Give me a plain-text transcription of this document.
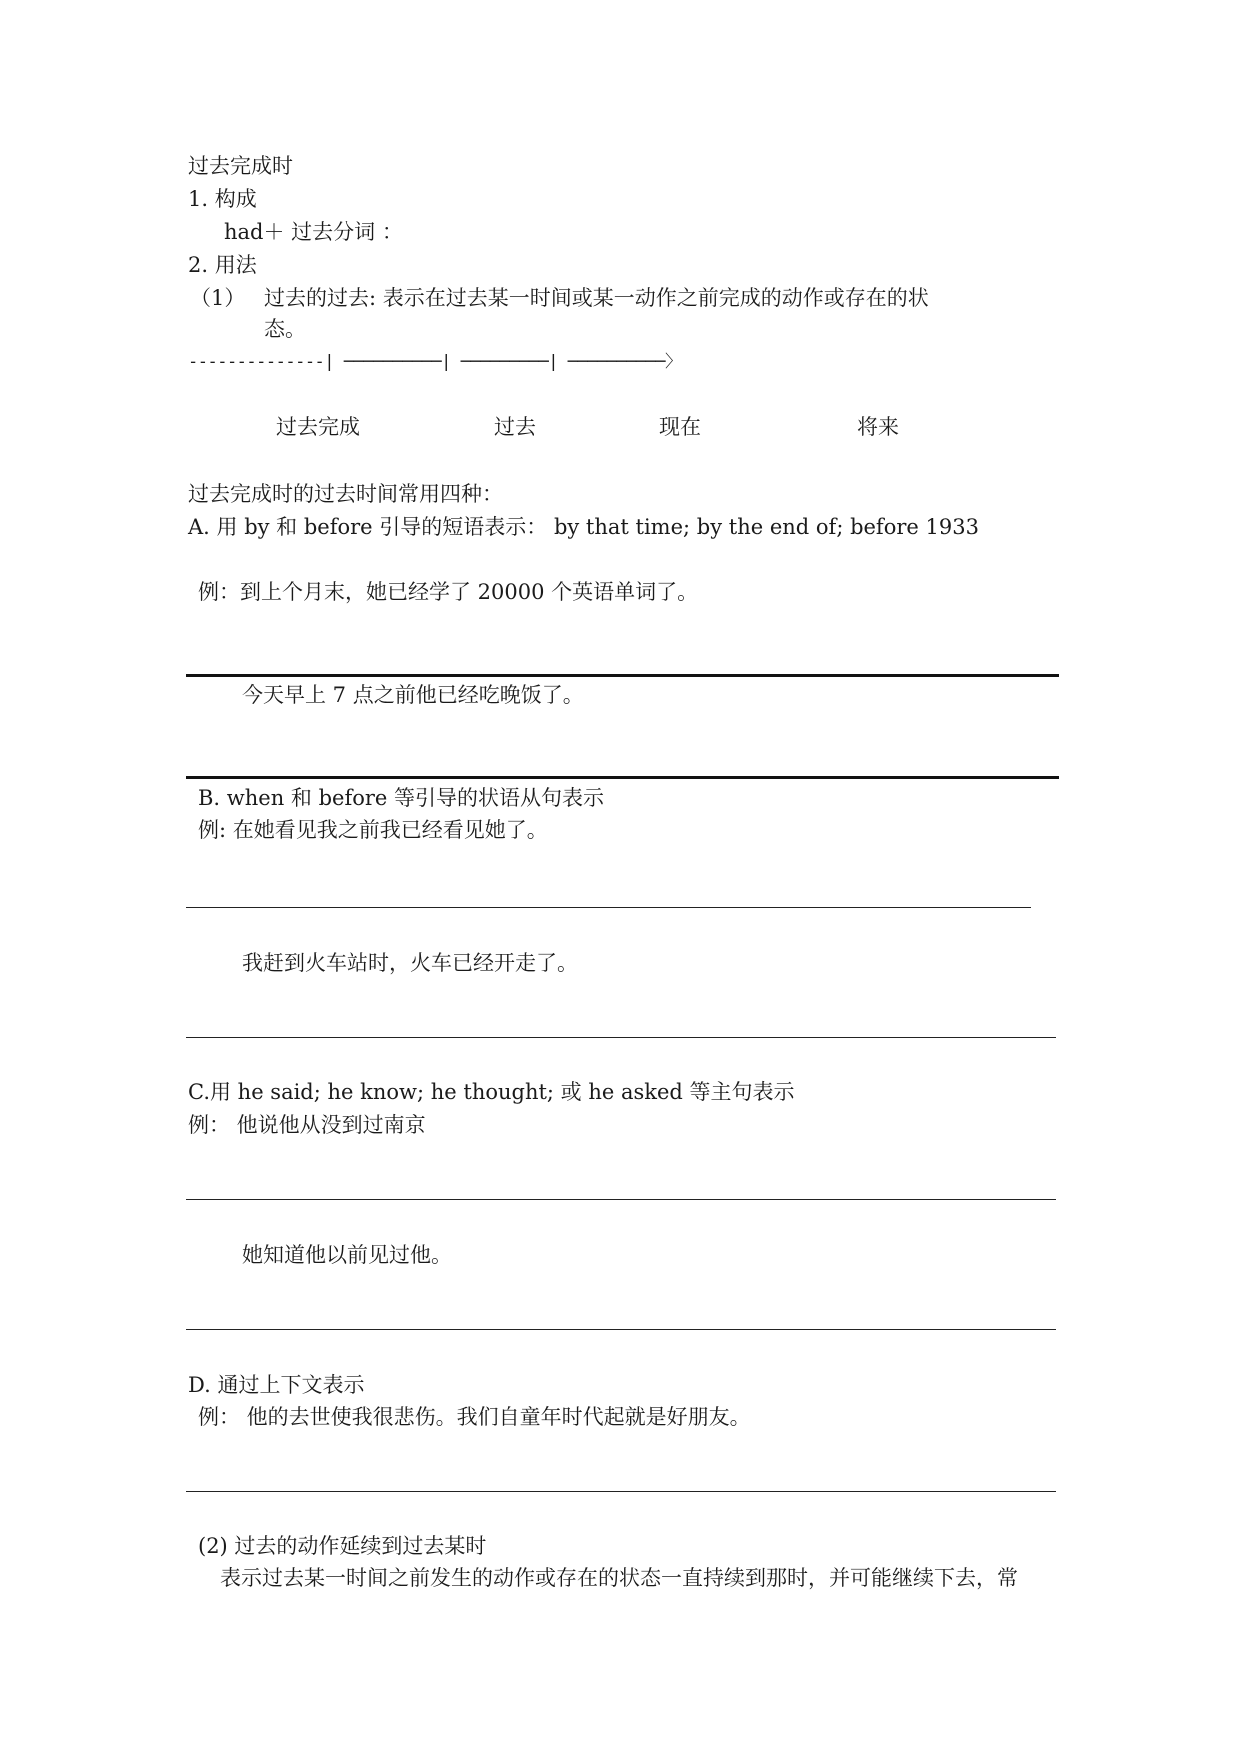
过去完成时
1. 构成
had＋ 过去分词 ：
2. 用法
（1） 过去的过去: 表示在过去某一时间或某一动作之前完成的动作或存在的状
态。
--------------| ──────────| ─────────| ──────────〉
过去完成	过去	现在	将来
过去完成时的过去时间常用四种：
A. 用 by 和 before 引导的短语表示： by that time; by the end of; before 1933
例：到上个月末，她已经学了 20000 个英语单词了。
今天早上 7 点之前他已经吃晚饭了。
B. when 和 before 等引导的状语从句表示
例: 在她看见我之前我已经看见她了。
我赶到火车站时，火车已经开走了。
C.用 he said; he know; he thought; 或 he asked 等主句表示
例： 他说他从没到过南京
她知道他以前见过他。
D. 通过上下文表示
例： 他的去世使我很悲伤。我们自童年时代起就是好朋友。
(2) 过去的动作延续到过去某时
表示过去某一时间之前发生的动作或存在的状态一直持续到那时，并可能继续下去，常
